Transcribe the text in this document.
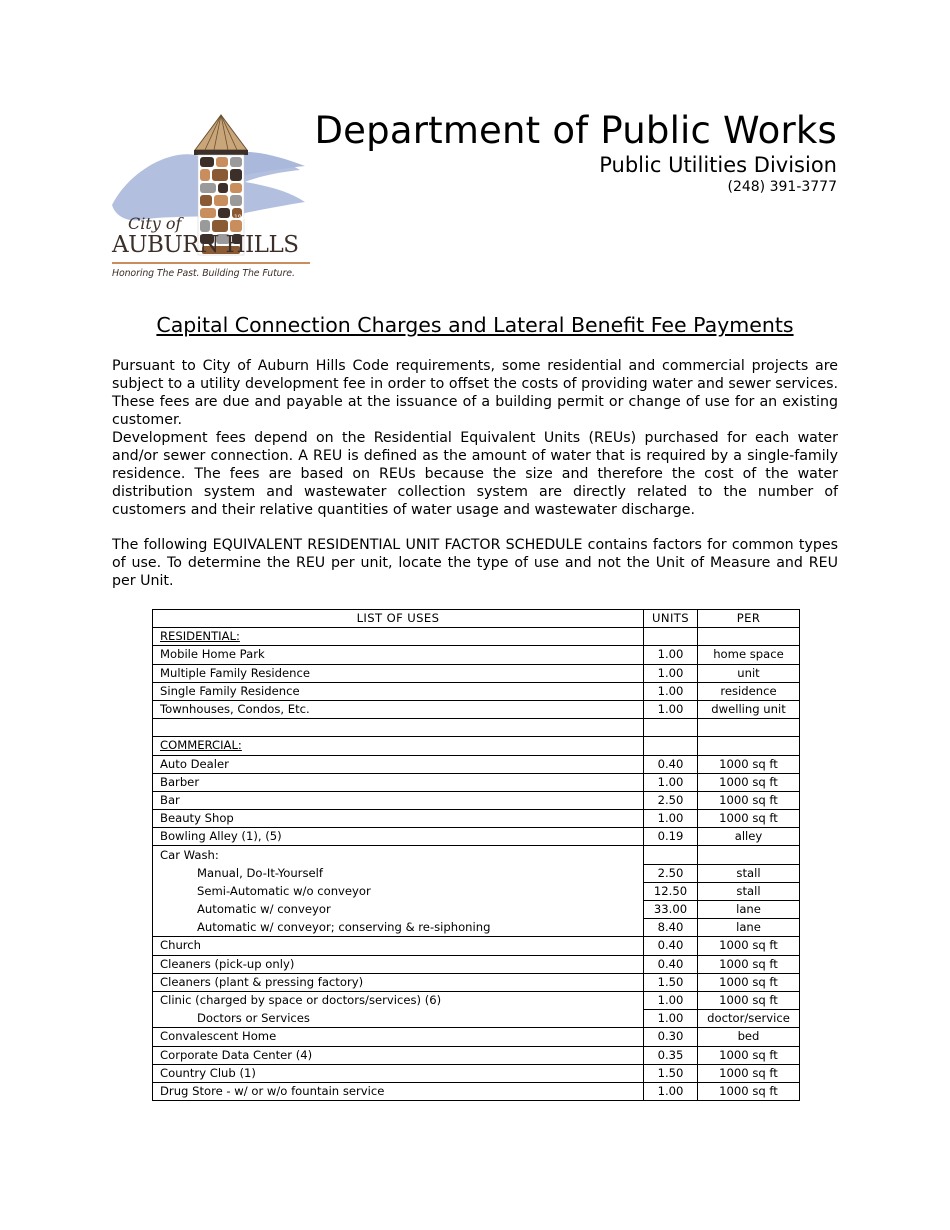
1983
City of
AUBURN HILLS
Honoring The Past. Building The Future.
Department of Public Works
Public Utilities Division
(248) 391-3777
Capital Connection Charges and Lateral Benefit Fee Payments

Pursuant to City of Auburn Hills Code requirements, some residential and commercial projects are subject to a utility development fee in order to offset the costs of providing water and sewer services. These fees are due and payable at the issuance of a building permit or change of use for an existing customer.

Development fees depend on the Residential Equivalent Units (REUs) purchased for each water and/or sewer connection. A REU is defined as the amount of water that is required by a single-family residence. The fees are based on REUs because the size and therefore the cost of the water distribution system and wastewater collection system are directly related to the number of customers and their relative quantities of water usage and wastewater discharge.

The following EQUIVALENT RESIDENTIAL UNIT FACTOR SCHEDULE contains factors for common types of use. To determine the REU per unit, locate the type of use and not the Unit of Measure and REU per Unit.

LIST OF USES	UNITS	PER
RESIDENTIAL:		
Mobile Home Park	1.00	home space
Multiple Family Residence	1.00	unit
Single Family Residence	1.00	residence
Townhouses, Condos, Etc.	1.00	dwelling unit

COMMERCIAL:		
Auto Dealer	0.40	1000 sq ft
Barber	1.00	1000 sq ft
Bar	2.50	1000 sq ft
Beauty Shop	1.00	1000 sq ft
Bowling Alley (1), (5)	0.19	alley
Car Wash:		
Manual, Do-It-Yourself	2.50	stall
Semi-Automatic w/o conveyor	12.50	stall
Automatic w/ conveyor	33.00	lane
Automatic w/ conveyor; conserving & re-siphoning	8.40	lane
Church	0.40	1000 sq ft
Cleaners (pick-up only)	0.40	1000 sq ft
Cleaners (plant & pressing factory)	1.50	1000 sq ft
Clinic (charged by space or doctors/services) (6)	1.00	1000 sq ft
Doctors or Services	1.00	doctor/service
Convalescent Home	0.30	bed
Corporate Data Center (4)	0.35	1000 sq ft
Country Club (1)	1.50	1000 sq ft
Drug Store - w/ or w/o fountain service	1.00	1000 sq ft
